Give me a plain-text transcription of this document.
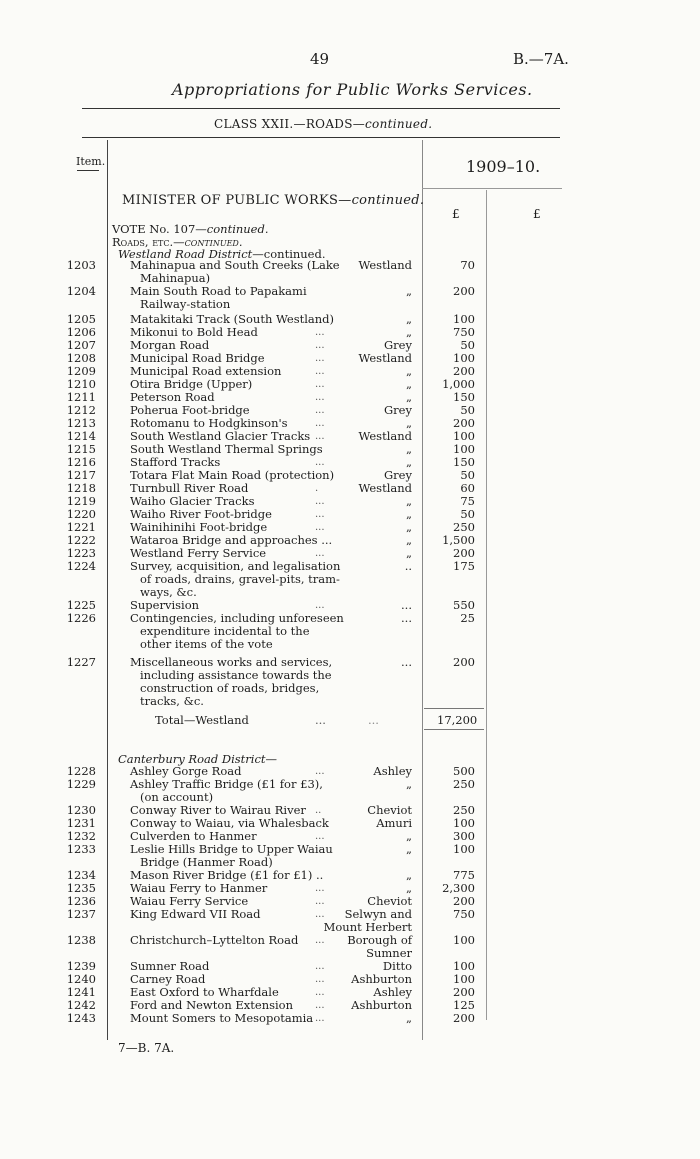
49	B.—7A.
Appropriations for Public Works Services.
CLASS XXII.—ROADS—continued.
Item.	1909–10.
£	£
MINISTER OF PUBLIC WORKS—continued.
VOTE No. 107—continued.
Roads, etc.—continued.
Westland Road District—continued.
1203	Mahinapua and South Creeks (Lake Westland	70
Mahinapua)
1204	Main South Road to Papakami	„	200
Railway-station
1205	Matakitaki Track (South Westland)	„	100
1206	Mikonui to Bold Head	...	„	750
1207	Morgan Road	...	Grey	50
1208	Municipal Road Bridge	...	Westland	100
1209	Municipal Road extension	...	„	200
1210	Otira Bridge (Upper)	...	„	1,000
1211	Peterson Road	...	„	150
1212	Poherua Foot-bridge	...	Grey	50
1213	Rotomanu to Hodgkinson's	...	„	200
1214	South Westland Glacier Tracks ...	Westland	100
1215	South Westland Thermal Springs	„	100
1216	Stafford Tracks	...	„	150
1217	Totara Flat Main Road (protection)	Grey	50
1218	Turnbull River Road	.	Westland	60
1219	Waiho Glacier Tracks	...	„	75
1220	Waiho River Foot-bridge	...	„	50
1221	Wainihinihi Foot-bridge	...	„	250
1222	Wataroa Bridge and approaches ...	„	1,500
1223	Westland Ferry Service	...	„	200
1224	Survey, acquisition, and legalisation	..	175
of roads, drains, gravel-pits, tram-
ways, &c.
1225	Supervision	...	...	550
1226	Contingencies, including unforeseen	...	25
expenditure incidental to the
other items of the vote
1227	Miscellaneous works and services,	...	200
including assistance towards the
construction of roads, bridges,
tracks, &c.
Total—Westland	...	...	17,200
Canterbury Road District—
1228	Ashley Gorge Road	...	Ashley	500
1229	Ashley Traffic Bridge (£1 for £3),	„	250
(on account)
1230	Conway River to Wairau River ..	Cheviot	250
1231	Conway to Waiau, via Whalesback	Amuri	100
1232	Culverden to Hanmer	...	„	300
1233	Leslie Hills Bridge to Upper Waiau	„	100
Bridge (Hanmer Road)
1234	Mason River Bridge (£1 for £1) ..	„	775
1235	Waiau Ferry to Hanmer	...	„	2,300
1236	Waiau Ferry Service	...	Cheviot	200
1237	King Edward VII Road	... Selwyn and	750
Mount Herbert
1238	Christchurch–Lyttelton Road ... Borough of	100
Sumner
1239	Sumner Road	...	Ditto	100
1240	Carney Road	... Ashburton	100
1241	East Oxford to Wharfdale	...	Ashley	200
1242	Ford and Newton Extension ... Ashburton	125
1243	Mount Somers to Mesopotamia ...	„	200
7—B. 7A.
